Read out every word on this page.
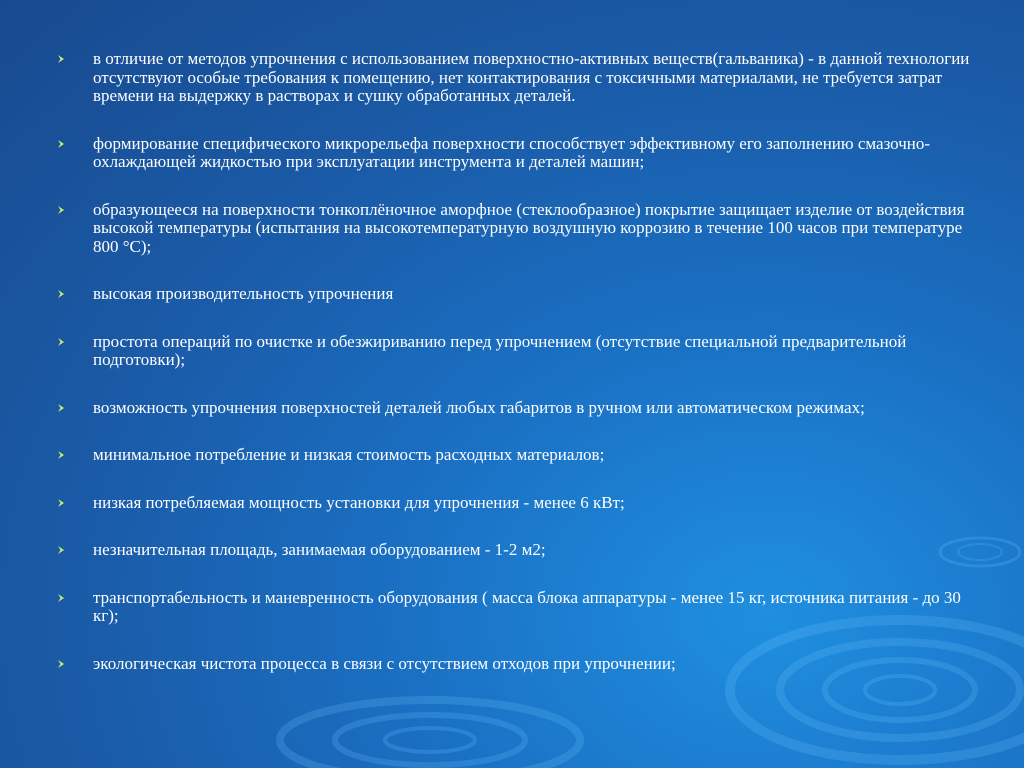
в отличие от методов упрочнения с использованием поверхностно-активных веществ(гальваника) - в данной технологии отсутствуют особые требования к помещению, нет контактирования с токсичными материалами, не требуется затрат времени на выдержку в растворах и сушку обработанных деталей.
формирование специфического микрорельефа поверхности способствует эффективному его заполнению смазочно-охлаждающей жидкостью при эксплуатации инструмента и деталей машин;
образующееся на поверхности тонкоплёночное аморфное (стеклообразное) покрытие защищает изделие от воздействия высокой температуры (испытания на высокотемпературную воздушную коррозию в течение 100 часов при температуре 800 °С);
высокая производительность упрочнения
простота операций по очистке и обезжириванию перед упрочнением (отсутствие специальной предварительной подготовки);
возможность упрочнения поверхностей деталей любых габаритов в ручном или автоматическом режимах;
минимальное потребление и низкая стоимость расходных материалов;
низкая потребляемая мощность установки для упрочнения - менее 6 кВт;
незначительная площадь, занимаемая оборудованием - 1-2 м2;
транспортабельность и маневренность оборудования ( масса блока аппаратуры - менее 15 кг, источника питания - до 30 кг);
экологическая чистота процесса в связи с отсутствием отходов при упрочнении;
